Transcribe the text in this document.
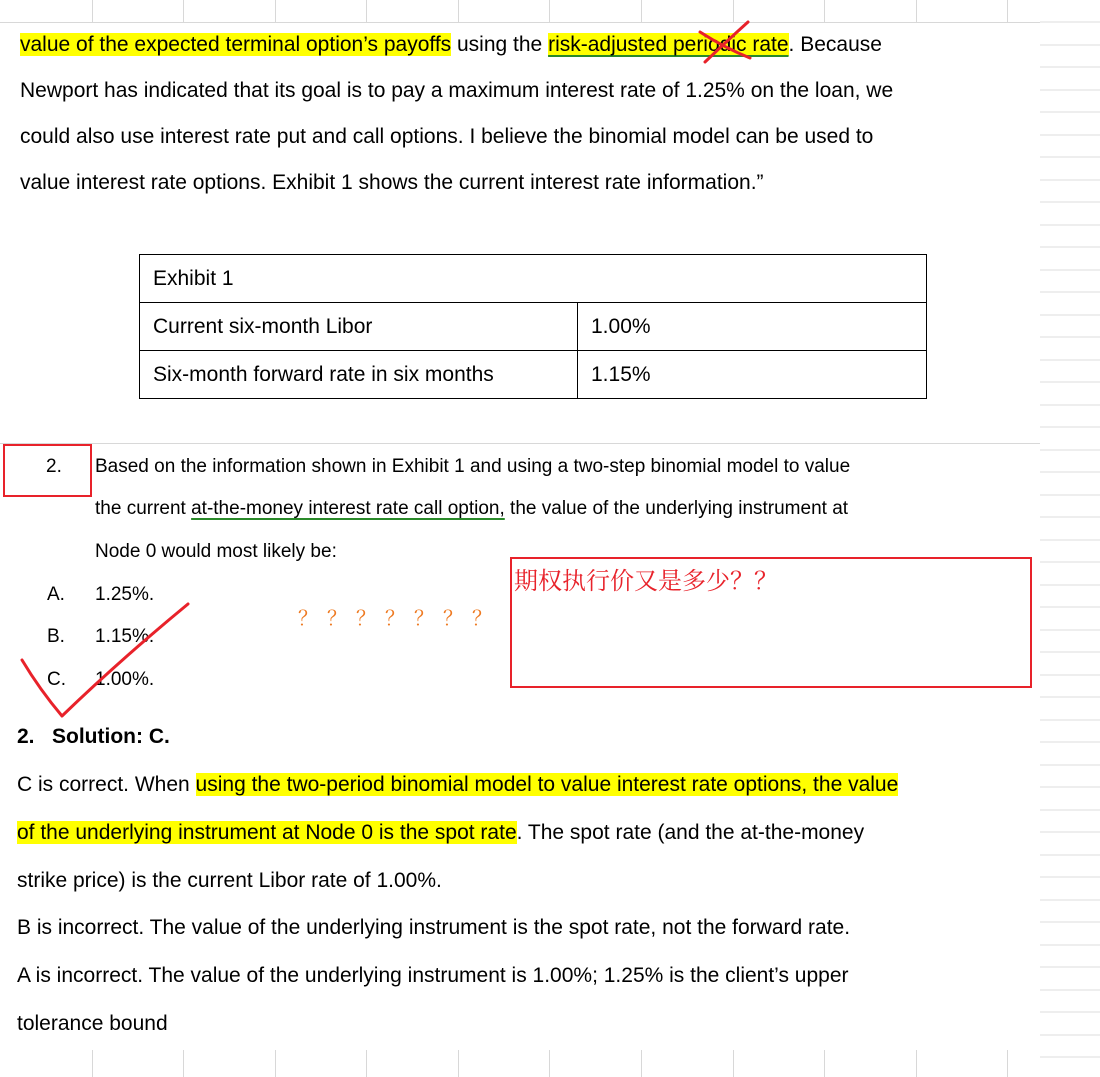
value of the expected terminal option’s payoffs using the risk-adjusted periodic rate. Because
Newport has indicated that its goal is to pay a maximum interest rate of 1.25% on the loan, we
could also use interest rate put and call options. I believe the binomial model can be used to
value interest rate options. Exhibit 1 shows the current interest rate information.”
Exhibit 1	
Current six-month Libor	1.00%
Six-month forward rate in six months	1.15%
2. Based on the information shown in Exhibit 1 and using a two-step binomial model to value
the current at-the-money interest rate call option, the value of the underlying instrument at
Node 0 would most likely be:
A. 1.25%.
B. 1.15%.
C. 1.00%.
？？？？？？？
期权执行价又是多少？？
2.   Solution: C.
C is correct. When using the two-period binomial model to value interest rate options, the value
of the underlying instrument at Node 0 is the spot rate. The spot rate (and the at-the-money
strike price) is the current Libor rate of 1.00%.
B is incorrect. The value of the underlying instrument is the spot rate, not the forward rate.
A is incorrect. The value of the underlying instrument is 1.00%; 1.25% is the client’s upper
tolerance bound
